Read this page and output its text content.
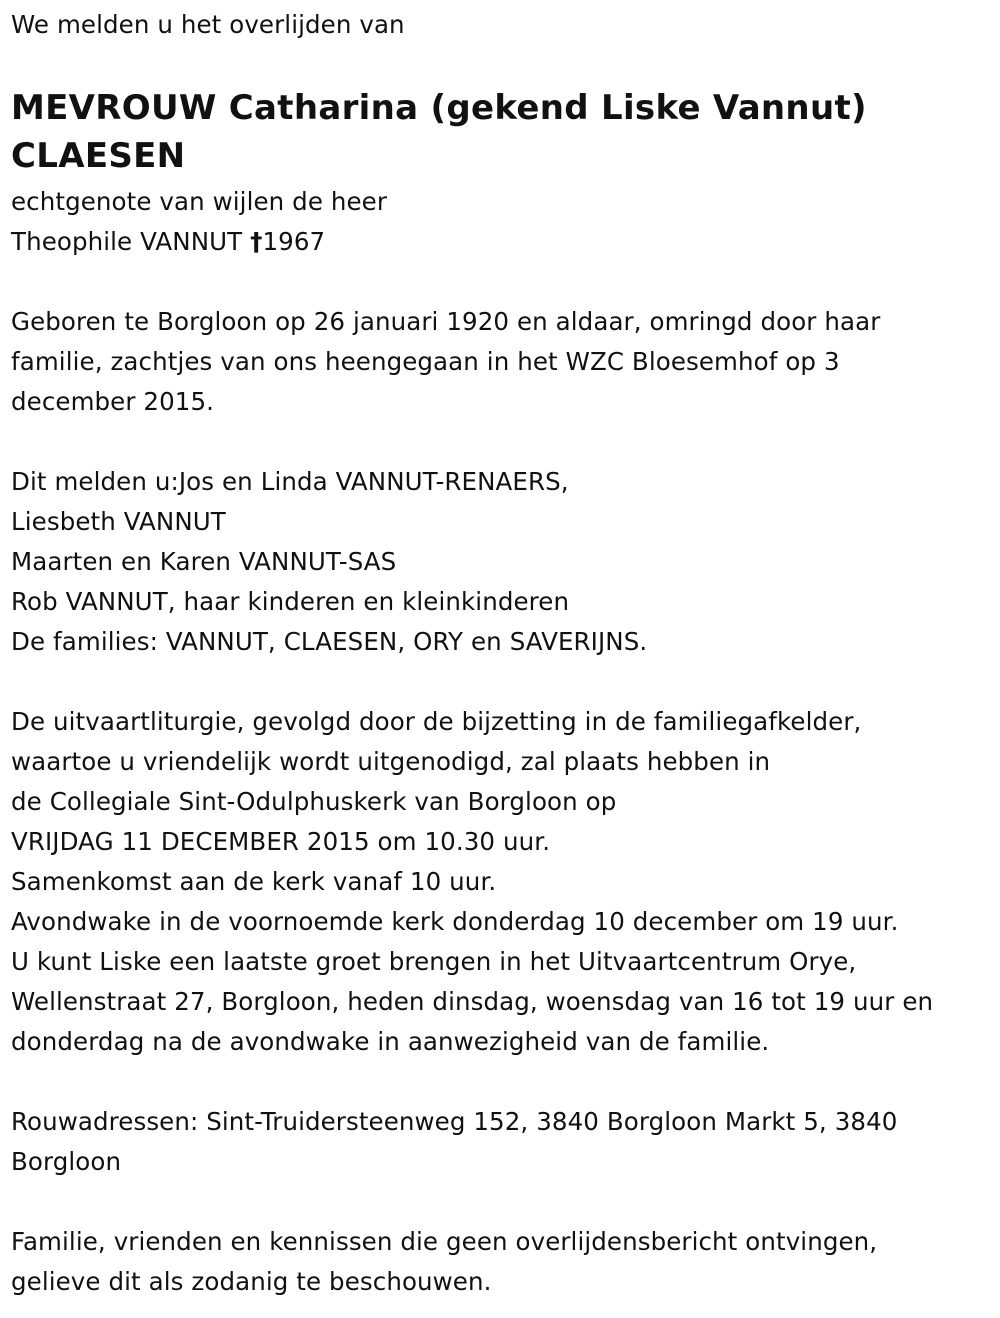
We melden u het overlijden van
MEVROUW Catharina (gekend Liske Vannut)
CLAESEN
echtgenote van wijlen de heer
Theophile VANNUT †1967
Geboren te Borgloon op 26 januari 1920 en aldaar, omringd door haar
familie, zachtjes van ons heengegaan in het WZC Bloesemhof op 3
december 2015.
Dit melden u:Jos en Linda VANNUT-RENAERS,
Liesbeth VANNUT
Maarten en Karen VANNUT-SAS
Rob VANNUT, haar kinderen en kleinkinderen
De families: VANNUT, CLAESEN, ORY en SAVERIJNS.
De uitvaartliturgie, gevolgd door de bijzetting in de familiegafkelder,
waartoe u vriendelijk wordt uitgenodigd, zal plaats hebben in
de Collegiale Sint-Odulphuskerk van Borgloon op
VRIJDAG 11 DECEMBER 2015 om 10.30 uur.
Samenkomst aan de kerk vanaf 10 uur.
Avondwake in de voornoemde kerk donderdag 10 december om 19 uur.
U kunt Liske een laatste groet brengen in het Uitvaartcentrum Orye,
Wellenstraat 27, Borgloon, heden dinsdag, woensdag van 16 tot 19 uur en
donderdag na de avondwake in aanwezigheid van de familie.
Rouwadressen: Sint-Truidersteenweg 152, 3840 Borgloon Markt 5, 3840
Borgloon
Familie, vrienden en kennissen die geen overlijdensbericht ontvingen,
gelieve dit als zodanig te beschouwen.
